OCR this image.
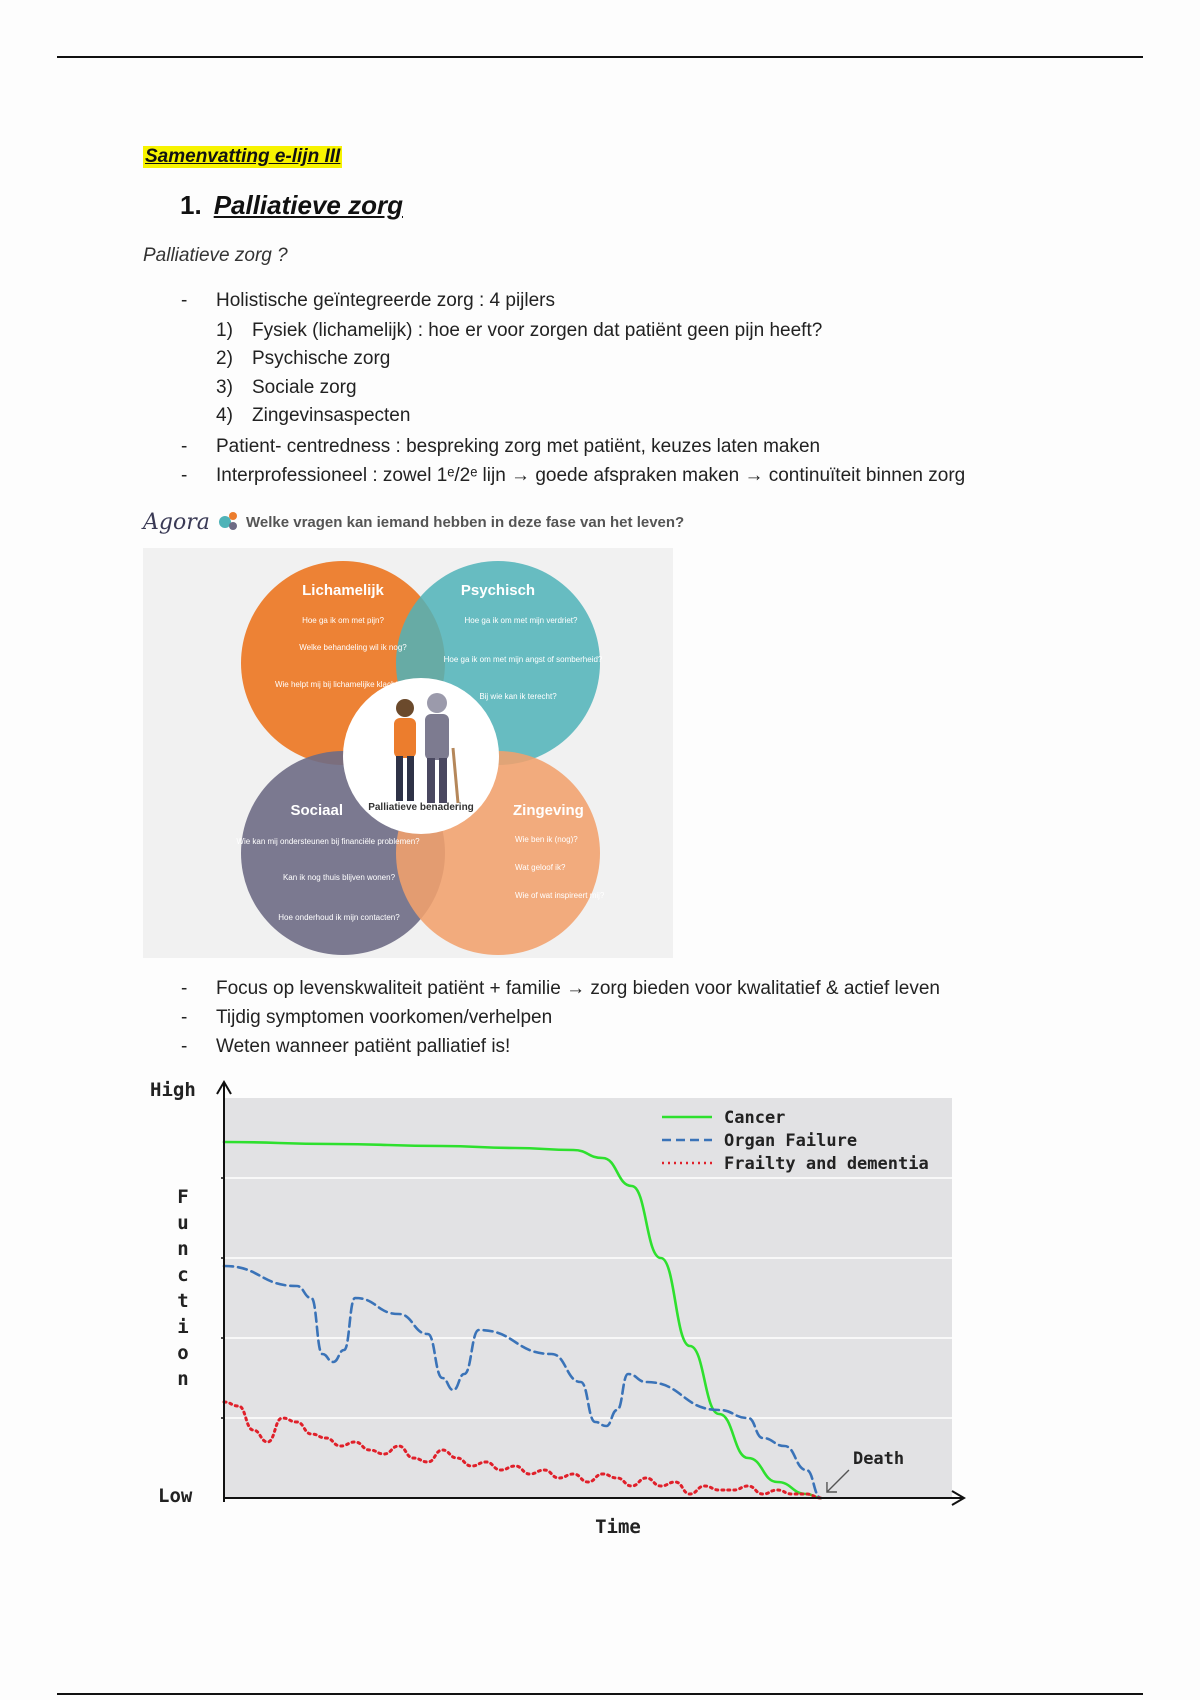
Samenvatting e-lijn III
1. Palliatieve zorg
Palliatieve zorg ?
- Holistische geïntegreerde zorg : 4 pijlers
1) Fysiek (lichamelijk) : hoe er voor zorgen dat patiënt geen pijn heeft?
2) Psychische zorg
3) Sociale zorg
4) Zingevinsaspecten
- Patient- centredness : bespreking zorg met patiënt, keuzes laten maken
- Interprofessioneel : zowel 1ᵉ/2ᵉ lijn → goede afspraken maken → continuïteit binnen zorg
Agora	Welke vragen kan iemand hebben in deze fase van het leven?
Palliatieve benadering
Lichamelijk	Psychisch
Sociaal	Zingeving
Hoe ga ik om met pijn?
Welke behandeling wil ik nog?
Wie helpt mij bij lichamelijke klachten?
Hoe ga ik om met mijn verdriet?
Hoe ga ik om met mijn angst of somberheid?
Bij wie kan ik terecht?
Wie kan mij ondersteunen bij financiële problemen?
Kan ik nog thuis blijven wonen?
Hoe onderhoud ik mijn contacten?
Wie ben ik (nog)?
Wat geloof ik?
Wie of wat inspireert mij?
- Focus op levenskwaliteit patiënt + familie → zorg bieden voor kwalitatief & actief leven
- Tijdig symptomen voorkomen/verhelpen
- Weten wanneer patiënt palliatief is!
High
Low
Time
F
u
n
c
t
i
o
n
Cancer
Organ Failure
Frailty and dementia
Death
